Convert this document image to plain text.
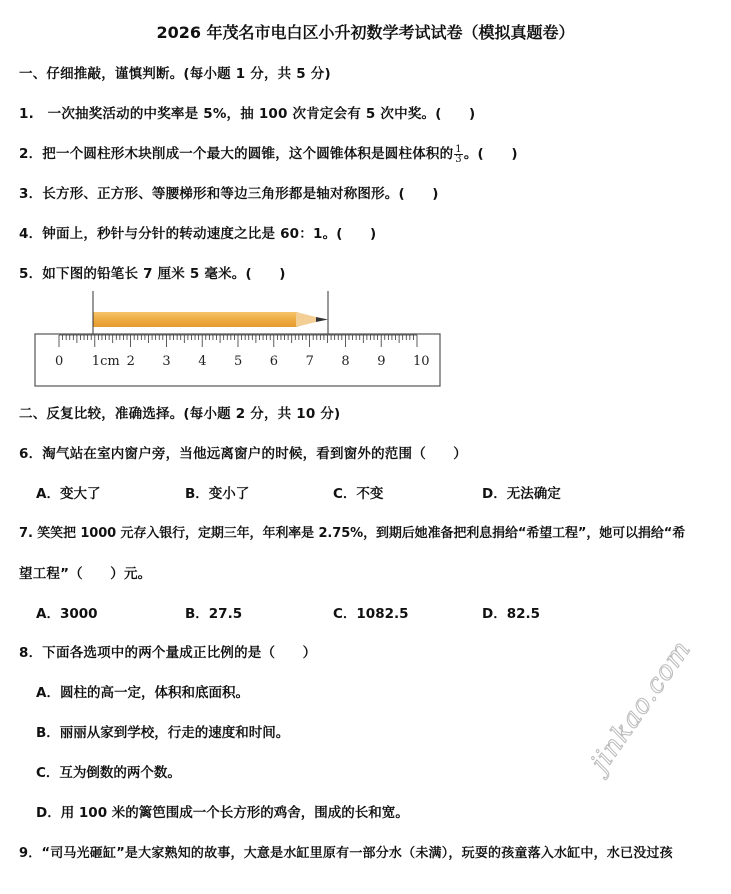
2026 年茂名市电白区小升初数学考试试卷（模拟真题卷）
一、仔细推敲，谨慎判断。(每小题 1 分，共 5 分)
1.　一次抽奖活动的中奖率是 5%，抽 100 次肯定会有 5 次中奖。(　　)
2．把一个圆柱形木块削成一个最大的圆锥，这个圆锥体积是圆柱体积的 $\frac{1}{3}$ 。(　　)
3．长方形、正方形、等腰梯形和等边三角形都是轴对称图形。(　　)
4．钟面上，秒针与分针的转动速度之比是 60：1。(　　)
5．如下图的铅笔长 7 厘米 5 毫米。(　　)
0 1cm 2 3 4 5 6 7 8 9 10
二、反复比较，准确选择。(每小题 2 分，共 10 分)
6．淘气站在室内窗户旁，当他远离窗户的时候，看到窗外的范围（　　）
A．变大了	B．变小了	C．不变	D．无法确定
7. 笑笑把 1000 元存入银行，定期三年，年利率是 2.75%，到期后她准备把利息捐给“希望工程”，她可以捐给“希
望工程”（　　）元。
A．3000	B．27.5	C．1082.5	D．82.5
8．下面各选项中的两个量成正比例的是（　　）
A．圆柱的高一定，体积和底面积。
B．丽丽从家到学校，行走的速度和时间。
C．互为倒数的两个数。
D．用 100 米的篱笆围成一个长方形的鸡舍，围成的长和宽。
9．“司马光砸缸”是大家熟知的故事，大意是水缸里原有一部分水（未满），玩耍的孩童落入水缸中，水已没过孩
jinkao.com
